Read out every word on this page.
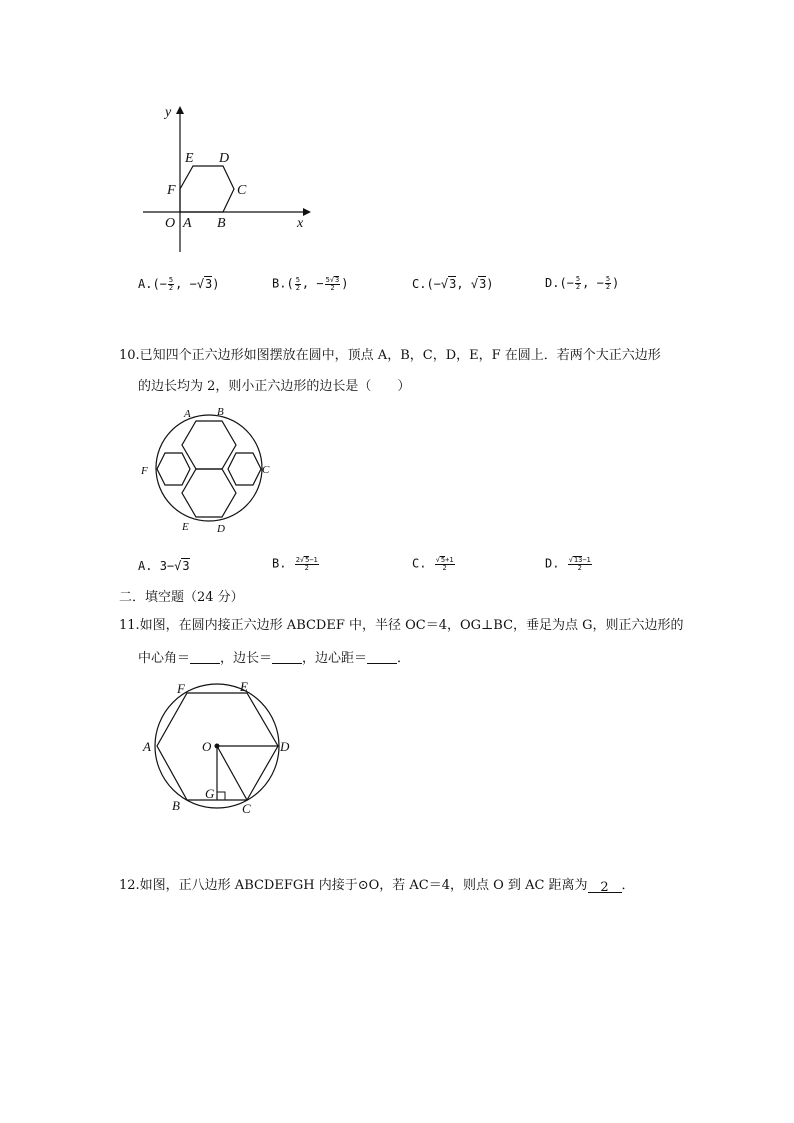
y
x
O A B
C
D
E
F
$A.(- \frac{5}{2}$ , −√3)	$B.( \frac{5}{2}$ , − $\frac{5√3}{2}$ )	C.(−√3, √3)	$D.(- \frac{5}{2}$ , − $\frac{5}{2}$ )
10.已知四个正六边形如图摆放在圆中，顶点 A，B，C，D，E，F 在圆上．若两个大正六边形
的边长均为 2，则小正六边形的边长是（　　）
A B
C
D
E
F
A. 3−√3	B. $\frac{2√5-1}{2}$	C. $\frac{√5+1}{2}$	D. $\frac{√13-1}{2}$
二．填空题（24 分）
11.如图，在圆内接正六边形 ABCDEF 中，半径 OC＝4，OG⊥BC，垂足为点 G，则正六边形的
中心角＝ ，边长＝ ，边心距＝ ．
F	E
A	O	D
G
B	C
12.如图，正八边形 ABCDEFGH 内接于⊙O，若 AC＝4，则点 O 到 AC 距离为 2 ．
